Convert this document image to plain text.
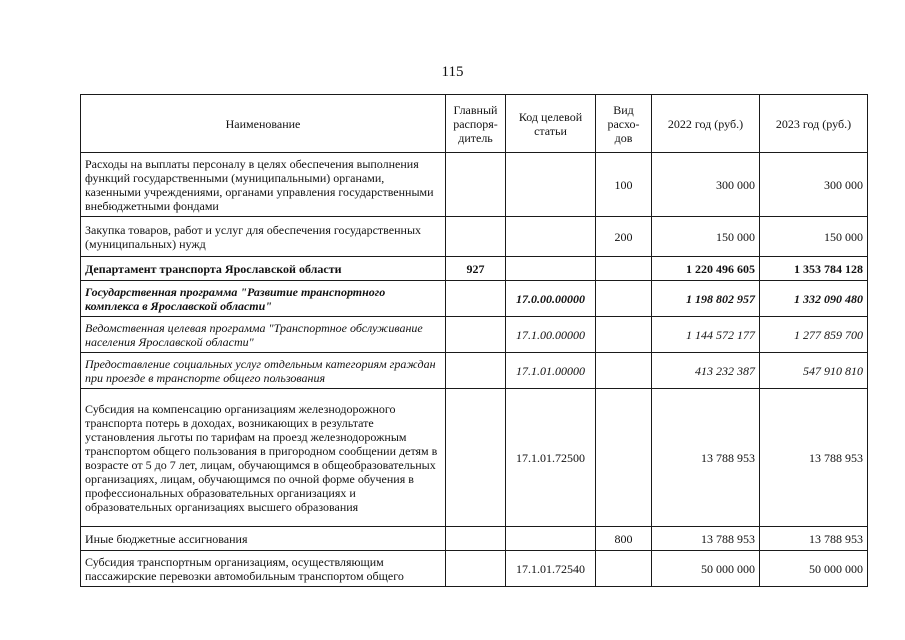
115
Наименование	Главный распоря-дитель	Код целевой статьи	Вид расхо-дов	2022 год (руб.)	2023 год (руб.)
Расходы на выплаты персоналу в целях обеспечения выполнения функций государственными (муниципальными) органами, казенными учреждениями, органами управления государственными внебюджетными фондами			100	300 000	300 000
Закупка товаров, работ и услуг для обеспечения государственных (муниципальных) нужд			200	150 000	150 000
Департамент транспорта Ярославской области	927			1 220 496 605	1 353 784 128
Государственная программа "Развитие транспортного комплекса в Ярославской области"		17.0.00.00000		1 198 802 957	1 332 090 480
Ведомственная целевая программа "Транспортное обслуживание населения Ярославской области"		17.1.00.00000		1 144 572 177	1 277 859 700
Предоставление социальных услуг отдельным категориям граждан при проезде в транспорте общего пользования		17.1.01.00000		413 232 387	547 910 810
Субсидия на компенсацию организациям железнодорожного транспорта потерь в доходах, возникающих в результате установления льготы по тарифам на проезд железнодорожным транспортом общего пользования в пригородном сообщении детям в возрасте от 5 до 7 лет, лицам, обучающимся в общеобразовательных организациях, лицам, обучающимся по очной форме обучения в профессиональных образовательных организациях и образовательных организациях высшего образования		17.1.01.72500		13 788 953	13 788 953
Иные бюджетные ассигнования			800	13 788 953	13 788 953
Субсидия транспортным организациям, осуществляющим пассажирские перевозки автомобильным транспортом общего		17.1.01.72540		50 000 000	50 000 000
